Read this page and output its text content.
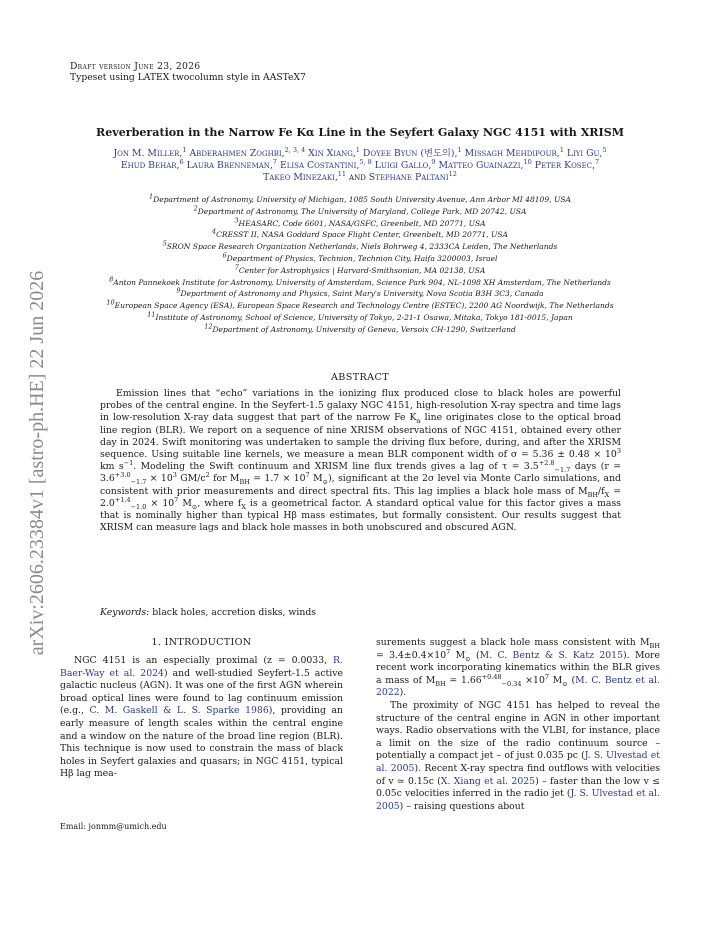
arXiv:2606.23384v1 [astro-ph.HE] 22 Jun 2026
Draft version June 23, 2026
Typeset using LATEX twocolumn style in AASTeX7
Reverberation in the Narrow Fe Kα Line in the Seyfert Galaxy NGC 4151 with XRISM
Jon M. Miller,$^1$ Abderahmen Zoghbi,$^{2, 3, 4}$ Xin Xiang,$^1$ Doyee Byun (변도의),$^1$ Missagh Mehdipour,$^1$ Liyi Gu,$^5$
Ehud Behar,$^6$ Laura Brenneman,$^7$ Elisa Costantini,$^{5, 8}$ Luigi Gallo,$^9$ Matteo Guainazzi,$^{10}$ Peter Kosec,$^7$
Takeo Minezaki,$^{11}$ and Stephane Paltani$^{12}$
$^1$Department of Astronomy, University of Michigan, 1085 South University Avenue, Ann Arbor MI 48109, USA
$^2$Department of Astronomy, The University of Maryland, College Park, MD 20742, USA
$^3$HEASARC, Code 6601, NASA/GSFC, Greenbelt, MD 20771, USA
$^4$CRESST II, NASA Goddard Space Flight Center, Greenbelt, MD 20771, USA
$^5$SRON Space Research Organization Netherlands, Niels Bohrweg 4, 2333CA Leiden, The Netherlands
$^6$Department of Physics, Technion, Technion City, Haifa 3200003, Israel
$^7$Center for Astrophysics | Harvard-Smithsonian, MA 02138, USA
$^8$Anton Pannekoek Institute for Astronomy, University of Amsterdam, Science Park 904, NL-1098 XH Amsterdam, The Netherlands
$^9$Department of Astronomy and Physics, Saint Mary's University, Nova Scotia B3H 3C3, Canada
$^{10}$European Space Agency (ESA), European Space Research and Technology Centre (ESTEC), 2200 AG Noordwijk, The Netherlands
$^{11}$Institute of Astronomy, School of Science, University of Tokyo, 2-21-1 Osawa, Mitaka, Tokyo 181-0015, Japan
$^{12}$Department of Astronomy, University of Geneva, Versoix CH-1290, Switzerland
ABSTRACT
Emission lines that “echo” variations in the ionizing flux produced close to black holes are powerful probes of the central engine. In the Seyfert-1.5 galaxy NGC 4151, high-resolution X-ray spectra and time lags in low-resolution X-ray data suggest that part of the narrow Fe $K_\alpha$ line originates close to the optical broad line region (BLR). We report on a sequence of nine XRISM observations of NGC 4151, obtained every other day in 2024. Swift monitoring was undertaken to sample the driving flux before, during, and after the XRISM sequence. Using suitable line kernels, we measure a mean BLR component width of $\sigma = 5.36 \pm 0.48 \times 10^3$ km $s^{-1}$. Modeling the Swift continuum and XRISM line flux trends gives a lag of $\tau = 3.5^{+2.8}_{-1.7}$ days ($r = 3.6^{+3.0}_{-1.7} \times 10^3$ $GM/c^2$ for $M_{BH} = 1.7 \times 10^7$ $M_⊙$), significant at the 2σ level via Monte Carlo simulations, and consistent with prior measurements and direct spectral fits. This lag implies a black hole mass of $M_{BH}/f_X = 2.0^{+1.4}_{-1.0} \times 10^7$ $M_⊙$, where $f_X$ is a geometrical factor. A standard optical value for this factor gives a mass that is nominally higher than typical Hβ mass estimates, but formally consistent. Our results suggest that XRISM can measure lags and black hole masses in both unobscured and obscured AGN.
Keywords: black holes, accretion disks, winds
1. INTRODUCTION
NGC 4151 is an especially proximal (z = 0.0033, R. Baer-Way et al. 2024) and well-studied Seyfert-1.5 active galactic nucleus (AGN). It was one of the first AGN wherein broad optical lines were found to lag continuum emission (e.g., C. M. Gaskell & L. S. Sparke 1986), providing an early measure of length scales within the central engine and a window on the nature of the broad line region (BLR). This technique is now used to constrain the mass of black holes in Seyfert galaxies and quasars; in NGC 4151, typical Hβ lag mea-
surements suggest a black hole mass consistent with $M_{BH} = 3.4\pm 0.4\times 10^7$ $M_⊙$ (M. C. Bentz & S. Katz 2015). More recent work incorporating kinematics within the BLR gives a mass of $M_{BH} = 1.66^{+0.48}_{-0.34} \times 10^7$ $M_⊙$ (M. C. Bentz et al. 2022).
The proximity of NGC 4151 has helped to reveal the structure of the central engine in AGN in other important ways. Radio observations with the VLBI, for instance, place a limit on the size of the radio continuum source – potentially a compact jet – of just 0.035 pc (J. S. Ulvestad et al. 2005). Recent X-ray spectra find outflows with velocities of v ≃ 0.15c (X. Xiang et al. 2025) – faster than the low v ≤ 0.05c velocities inferred in the radio jet (J. S. Ulvestad et al. 2005) – raising questions about
Email: jonmm@umich.edu
